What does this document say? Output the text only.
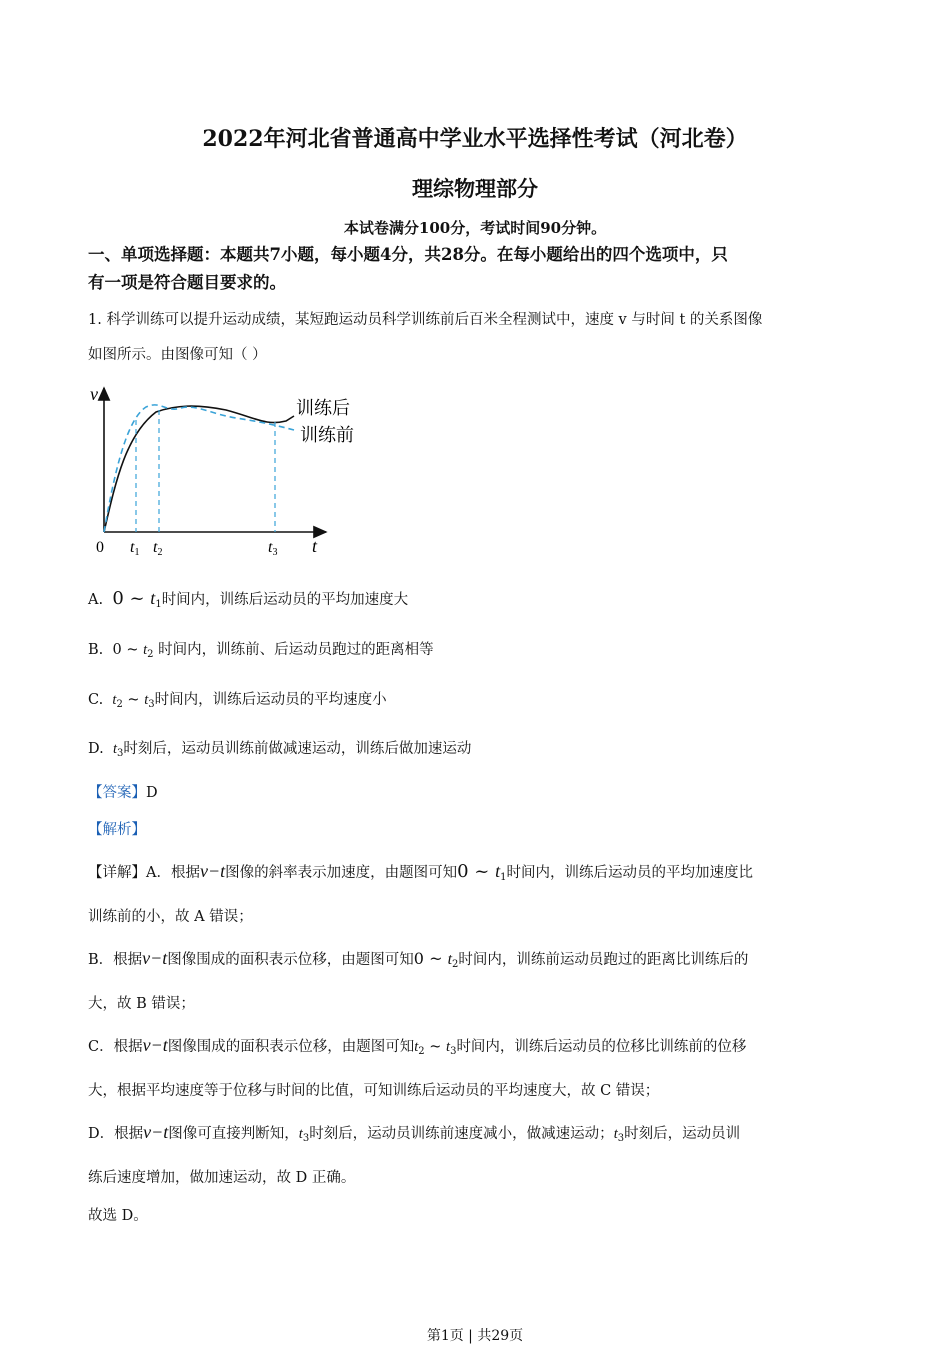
2022年河北省普通高中学业水平选择性考试（河北卷）
理综物理部分
本试卷满分100分，考试时间90分钟。
一、单项选择题：本题共7小题，每小题4分，共28分。在每小题给出的四个选项中，只
有一项是符合题目要求的。
1. 科学训练可以提升运动成绩，某短跑运动员科学训练前后百米全程测试中，速度 v 与时间 t 的关系图像
如图所示。由图像可知（ ）
v
t
0
训练后
训练前
t1 t2	t3
A. 0 ~ $t_1$时间内，训练后运动员的平均加速度大
B. 0 ~ $t_2$ 时间内，训练前、后运动员跑过的距离相等
C. $t_2$ ~ $t_3$时间内，训练后运动员的平均速度小
D. $t_3$时刻后，运动员训练前做减速运动，训练后做加速运动
【答案】D
【解析】
【详解】A．根据v−t图像的斜率表示加速度，由题图可知0 ~ $t_1$时间内，训练后运动员的平均加速度比
训练前的小，故 A 错误；
B．根据v−t图像围成的面积表示位移，由题图可知0 ~ $t_2$时间内，训练前运动员跑过的距离比训练后的
大，故 B 错误；
C．根据v−t图像围成的面积表示位移，由题图可知$t_2$ ~ $t_3$时间内，训练后运动员的位移比训练前的位移
大，根据平均速度等于位移与时间的比值，可知训练后运动员的平均速度大，故 C 错误；
D．根据v−t图像可直接判断知，$t_3$时刻后，运动员训练前速度减小，做减速运动；$t_3$时刻后，运动员训
练后速度增加，做加速运动，故 D 正确。
故选 D。
第1页 | 共29页
